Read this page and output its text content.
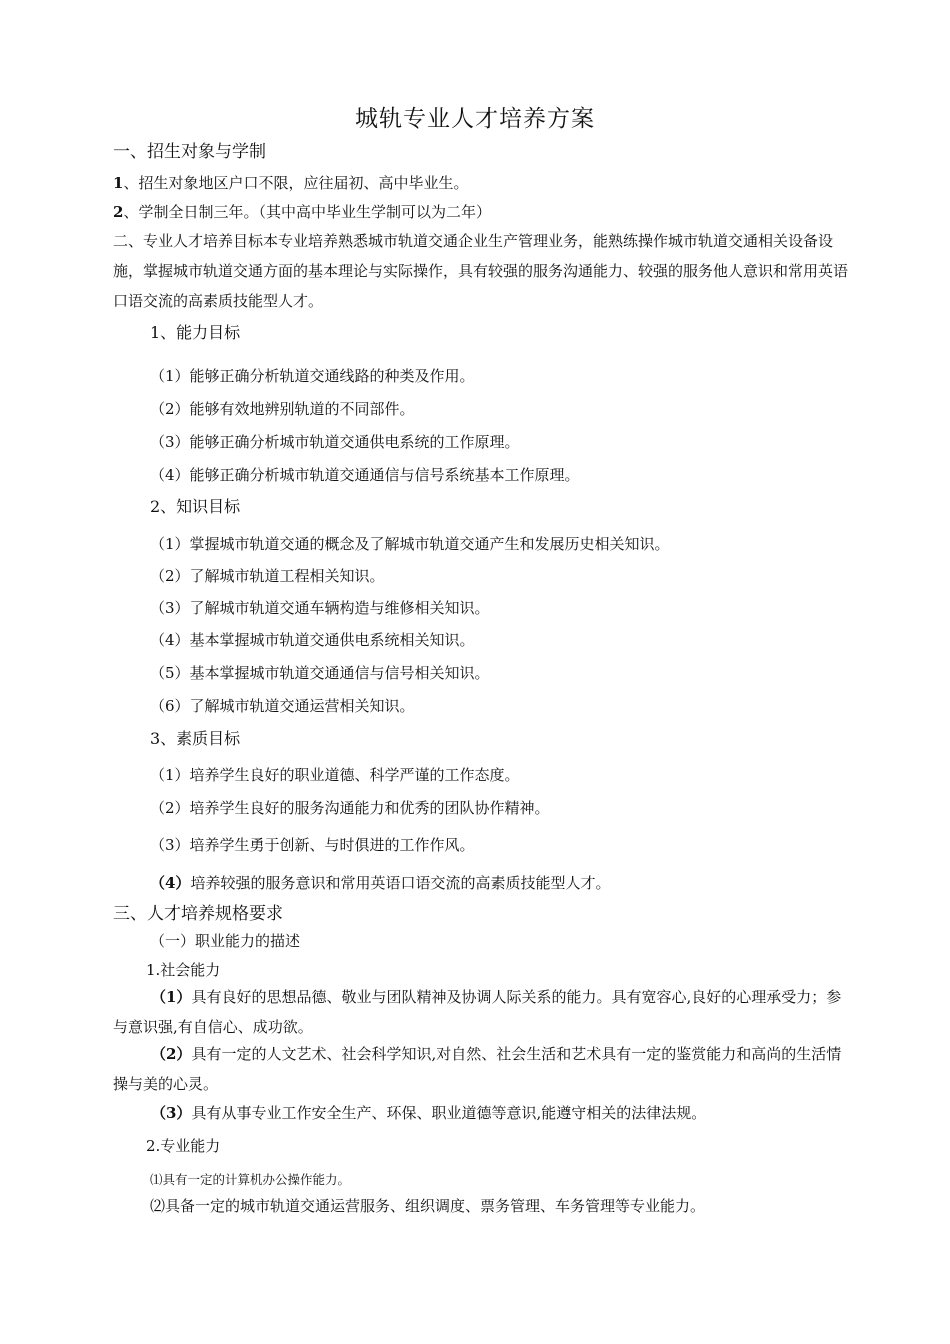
城轨专业人才培养方案
一、招生对象与学制
1、招生对象地区户口不限，应往届初、高中毕业生。
2、学制全日制三年。（其中高中毕业生学制可以为二年）
二、专业人才培养目标本专业培养熟悉城市轨道交通企业生产管理业务，能熟练操作城市轨道交通相关设备设施，掌握城市轨道交通方面的基本理论与实际操作，具有较强的服务沟通能力、较强的服务他人意识和常用英语口语交流的高素质技能型人才。
1、能力目标
（1）能够正确分析轨道交通线路的种类及作用。
（2）能够有效地辨别轨道的不同部件。
（3）能够正确分析城市轨道交通供电系统的工作原理。
（4）能够正确分析城市轨道交通通信与信号系统基本工作原理。
2、知识目标
（1）掌握城市轨道交通的概念及了解城市轨道交通产生和发展历史相关知识。
（2）了解城市轨道工程相关知识。
（3）了解城市轨道交通车辆构造与维修相关知识。
（4）基本掌握城市轨道交通供电系统相关知识。
（5）基本掌握城市轨道交通通信与信号相关知识。
（6）了解城市轨道交通运营相关知识。
3、素质目标
（1）培养学生良好的职业道德、科学严谨的工作态度。
（2）培养学生良好的服务沟通能力和优秀的团队协作精神。
（3）培养学生勇于创新、与时俱进的工作作风。
（4）培养较强的服务意识和常用英语口语交流的高素质技能型人才。
三、人才培养规格要求
（一）职业能力的描述
1.社会能力
（1）具有良好的思想品德、敬业与团队精神及协调人际关系的能力。具有宽容心,良好的心理承受力；参与意识强,有自信心、成功欲。
（2）具有一定的人文艺术、社会科学知识,对自然、社会生活和艺术具有一定的鉴赏能力和高尚的生活情操与美的心灵。
（3）具有从事专业工作安全生产、环保、职业道德等意识,能遵守相关的法律法规。
2.专业能力
⑴具有一定的计算机办公操作能力。
⑵具备一定的城市轨道交通运营服务、组织调度、票务管理、车务管理等专业能力。
